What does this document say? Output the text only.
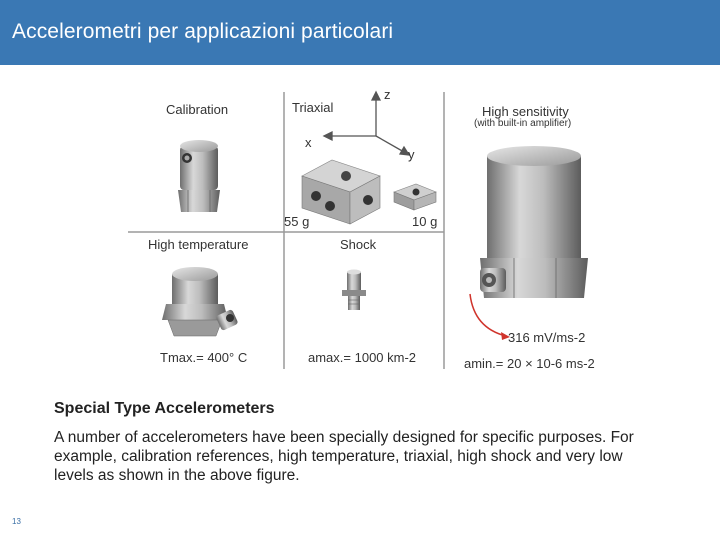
Accelerometri per applicazioni particolari
Calibration	Triaxial
z
x
y
55 g	10 g
High temperature	Shock
High sensitivity
(with built-in amplifier)
316 mV/ms-2
Tmax.= 400° C	amax.= 1000 km-2	amin.= 20 × 10-6 ms-2
Special Type Accelerometers
A number of accelerometers have been specially designed for specific purposes. For example, calibration references, high temperature, triaxial, high shock and very low levels as shown in the above figure.
13
